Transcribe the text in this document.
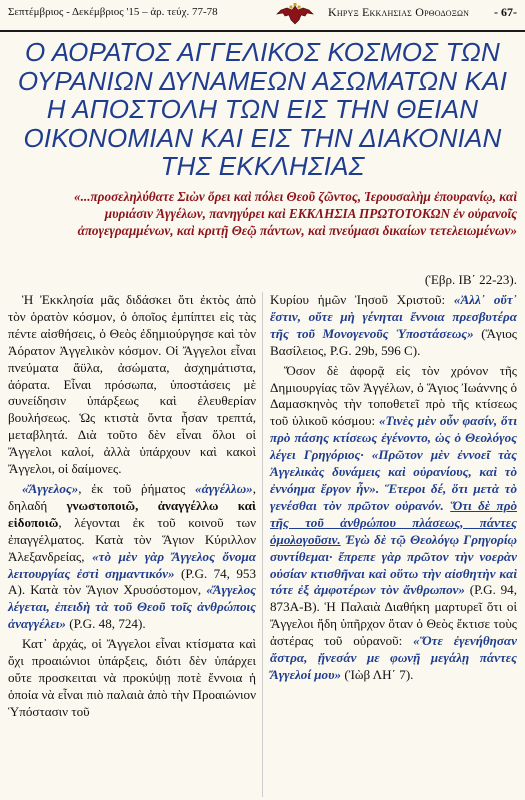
Σεπτέμβριος - Δεκέμβριος '15 – ἀρ. τεύχ. 77-78	Κηρυξ Εκκλησιας Ορθοδοξων - 67-
Ο ΑΟΡΑΤΟΣ ΑΓΓΕΛΙΚΟΣ ΚΟΣΜΟΣ ΤΩΝ ΟΥΡΑΝΙΩΝ ΔΥΝΑΜΕΩΝ ΑΣΩΜΑΤΩΝ ΚΑΙ Η ΑΠΟΣΤΟΛΗ ΤΩΝ ΕΙΣ ΤΗΝ ΘΕΙΑΝ ΟΙΚΟΝΟΜΙΑΝ ΚΑΙ ΕΙΣ ΤΗΝ ΔΙΑΚΟΝΙΑΝ ΤΗΣ ΕΚΚΛΗΣΙΑΣ
«...προσεληλύθατε Σιὼν ὄρει καὶ πόλει Θεοῦ ζῶντος, Ἱερουσαλὴμ ἐπουρανίῳ, καὶ μυριάσιν Ἀγγέλων, πανηγύρει καὶ ΕΚΚΛΗΣΙΑ ΠΡΩΤΟΤΟΚΩΝ ἐν οὐρανοῖς ἀπογεγραμμένων, καὶ κριτῇ Θεῷ πάντων, καὶ πνεύμασι δικαίων τετελειωμένων»
(Ἑβρ. ΙΒ΄ 22-23).

Ἡ Ἐκκλησία μᾶς διδάσκει ὅτι ἐκτὸς ἀπὸ τὸν ὁρατὸν κόσμον, ὁ ὁποῖος ἐμπίπτει εἰς τὰς πέντε αἰσθήσεις, ὁ Θεὸς ἐδημιούργησε καὶ τὸν Ἀόρατον Ἀγγελικὸν κόσμον. Οἱ Ἄγγελοι εἶναι πνεύματα ἄϋλα, ἀσώματα, ἀσχημάτιστα, ἀόρατα. Εἶναι πρόσωπα, ὑποστάσεις μὲ συνείδησιν ὑπάρξεως καὶ ἐλευθερίαν βουλήσεως. Ὡς κτιστὰ ὄντα ἦσαν τρεπτά, μεταβλητά. Διὰ τοῦτο δὲν εἶναι ὅλοι οἱ Ἄγγελοι καλοί, ἀλλὰ ὑπάρχουν καὶ κακοὶ Ἄγγελοι, οἱ δαίμονες.

«Ἄγγελος», ἐκ τοῦ ῥήματος «ἀγγέλλω», δηλαδή γνωστοποιῶ, ἀναγγέλλω καὶ εἰδοποιῶ, λέγονται ἐκ τοῦ κοινοῦ των ἐπαγγέλματος. Κατὰ τὸν Ἅγιον Κύριλλον Ἀλεξανδρείας, «τὸ μὲν γὰρ Ἄγγελος ὄνομα λειτουργίας ἐστὶ σημαντικόν» (P.G. 74, 953 A). Κατὰ τὸν Ἅγιον Χρυσόστομον, «Ἄγγελος λέγεται, ἐπειδὴ τὰ τοῦ Θεοῦ τοῖς ἀνθρώποις ἀναγγέλει» (P.G. 48, 724).

Κατ᾽ ἀρχάς, οἱ Ἄγγελοι εἶναι κτίσματα καὶ ὄχι προαιώνιοι ὑπάρξεις, διότι δὲν ὑπάρχει οὔτε προσκειται νὰ προκύψῃ ποτὲ ἔννοια ἡ ὁποία νὰ εἶναι πιὸ παλαιὰ ἀπὸ τὴν Προαιώνιον Ὑπόστασιν τοῦ

Κυρίου ἡμῶν Ἰησοῦ Χριστοῦ: «Ἀλλ᾽ οὔτ᾽ ἔστιν, οὔτε μὴ γένηται ἔννοια πρεσβυτέρα τῆς τοῦ Μονογενοῦς Ὑποστάσεως» (Ἅγιος Βασίλειος, P.G. 29b, 596 C).

Ὅσον δὲ ἀφορᾷ εἰς τὸν χρόνον τῆς Δημιουργίας τῶν Ἀγγέλων, ὁ Ἅγιος Ἰωάννης ὁ Δαμασκηνὸς τὴν τοποθετεῖ πρὸ τῆς κτίσεως τοῦ ὑλικοῦ κόσμου: «Τινὲς μὲν οὖν φασίν, ὅτι πρὸ πάσης κτίσεως ἐγένοντο, ὡς ὁ Θεολόγος λέγει Γρηγόριος· «Πρῶτον μὲν ἐννοεῖ τὰς Ἀγγελικὰς δυνάμεις καὶ οὐρανίους, καὶ τὸ ἐννόημα ἔργον ἦν». Ἕτεροι δέ, ὅτι μετὰ τὸ γενέσθαι τὸν πρῶτον οὐρανόν. Ὅτι δὲ πρὸ τῆς τοῦ ἀνθρώπου πλάσεως, πάντες ὁμολογοῦσιν. Ἐγὼ δὲ τῷ Θεολόγῳ Γρηγορίῳ συντίθεμαι· ἔπρεπε γὰρ πρῶτον τὴν νοερὰν οὐσίαν κτισθῆναι καὶ οὕτω τὴν αἰσθητὴν καὶ τότε ἐξ ἀμφοτέρων τὸν ἄνθρωπον» (P.G. 94, 873A-B). Ἡ Παλαιὰ Διαθήκη μαρτυρεῖ ὅτι οἱ Ἄγγελοι ἤδη ὑπῆρχον ὅταν ὁ Θεὸς ἔκτισε τοὺς ἀστέρας τοῦ οὐρανοῦ: «Ὅτε ἐγενήθησαν ἄστρα, ᾔνεσάν με φωνῇ μεγάλῃ πάντες Ἄγγελοί μου» (Ἰὼβ ΛΗ΄ 7).
